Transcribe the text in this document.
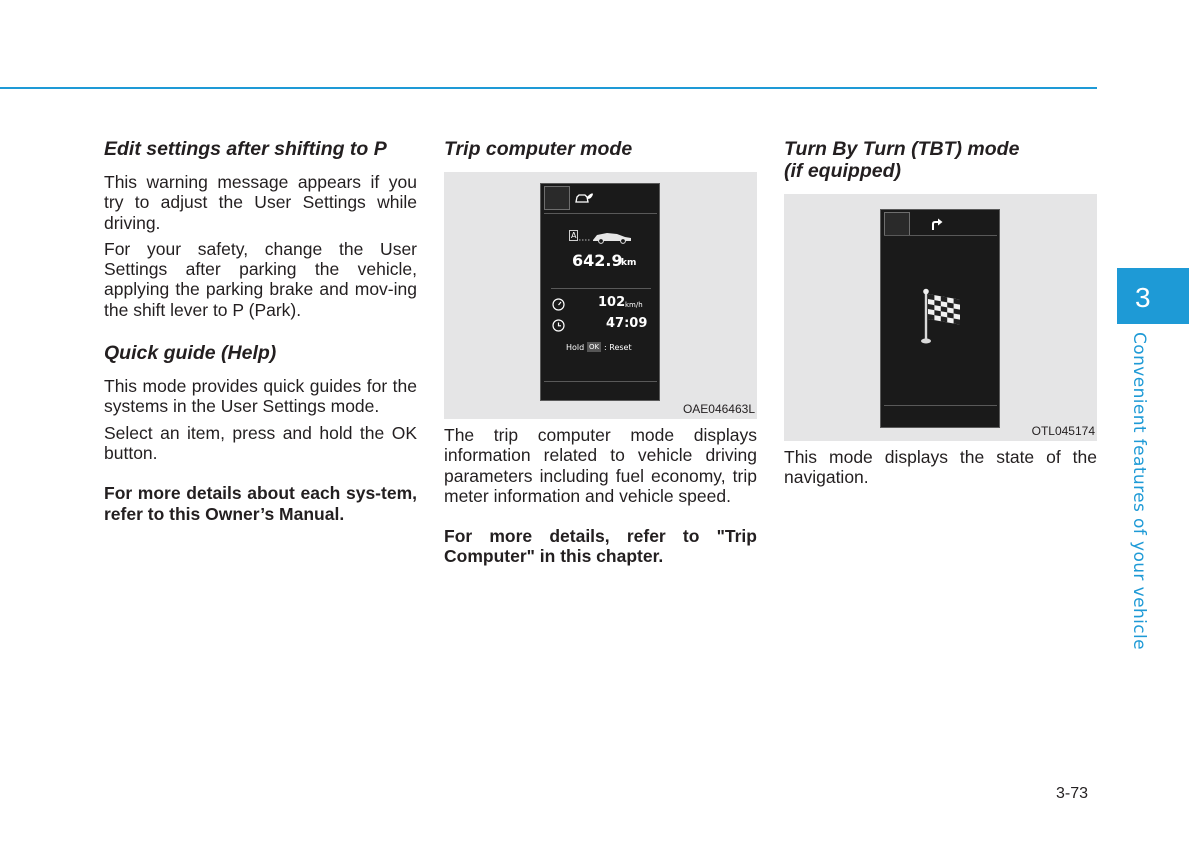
Edit settings after shifting to P

This warning message appears if you try to adjust the User Settings while driving.

For your safety, change the User Settings after parking the vehicle, applying the parking brake and mov-ing the shift lever to P (Park).

Quick guide (Help)

This mode provides quick guides for the systems in the User Settings mode.

Select an item, press and hold the OK button.

For more details about each sys-tem, refer to this Owner’s Manual.

Trip computer mode
A
642.9
km
102 km/h
47:09
Hold OK : Reset
OAE046463L

The trip computer mode displays information related to vehicle driving parameters including fuel economy, trip meter information and vehicle speed.

For more details, refer to "Trip Computer" in this chapter.

Turn By Turn (TBT) mode
(if equipped)
OTL045174

This mode displays the state of the navigation.

3
Convenient features of your vehicle
3-73
